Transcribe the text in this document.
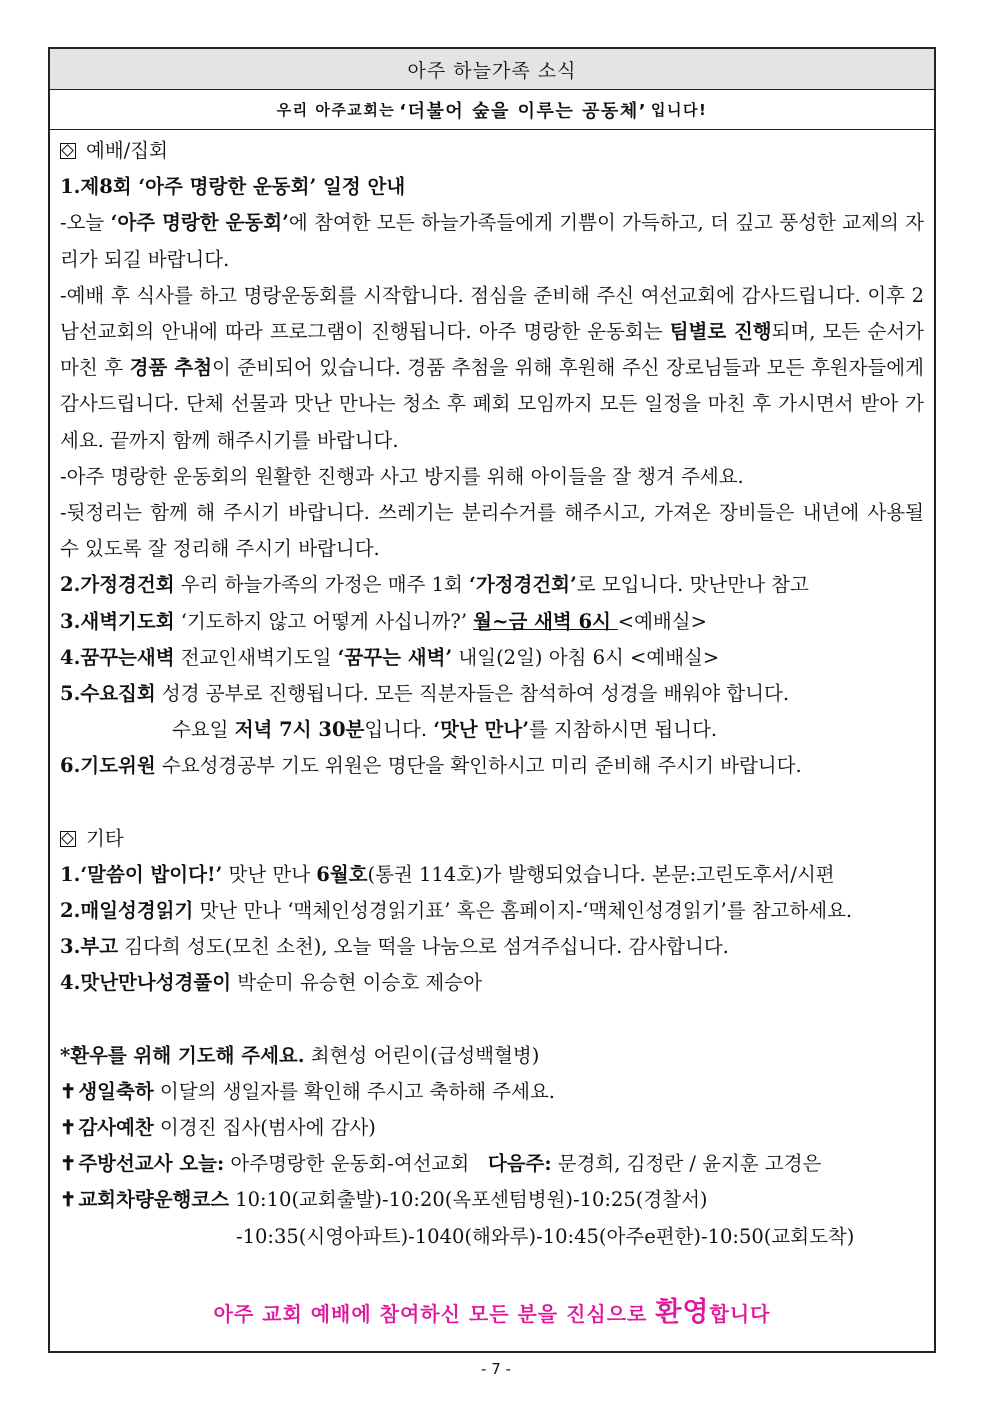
아주 하늘가족 소식
우리 아주교회는 ‘더불어 숲을 이루는 공동체’ 입니다!
예배/집회
1.제8회 ‘아주 명랑한 운동회’ 일정 안내
-오늘 ‘아주 명랑한 운동회’에 참여한 모든 하늘가족들에게 기쁨이 가득하고, 더 깊고 풍성한 교제의 자리가 되길 바랍니다.
-예배 후 식사를 하고 명랑운동회를 시작합니다. 점심을 준비해 주신 여선교회에 감사드립니다. 이후 2남선교회의 안내에 따라 프로그램이 진행됩니다. 아주 명랑한 운동회는 팀별로 진행되며, 모든 순서가 마친 후 경품 추첨이 준비되어 있습니다. 경품 추첨을 위해 후원해 주신 장로님들과 모든 후원자들에게 감사드립니다. 단체 선물과 맛난 만나는 청소 후 폐회 모임까지 모든 일정을 마친 후 가시면서 받아 가세요. 끝까지 함께 해주시기를 바랍니다.
-아주 명랑한 운동회의 원활한 진행과 사고 방지를 위해 아이들을 잘 챙겨 주세요.
-뒷정리는 함께 해 주시기 바랍니다. 쓰레기는 분리수거를 해주시고, 가져온 장비들은 내년에 사용될 수 있도록 잘 정리해 주시기 바랍니다.
2.가정경건회 우리 하늘가족의 가정은 매주 1회 ‘가정경건회’로 모입니다. 맛난만나 참고
3.새벽기도회 ‘기도하지 않고 어떻게 사십니까?’ 월~금 새벽 6시 <예배실>
4.꿈꾸는새벽 전교인새벽기도일 ‘꿈꾸는 새벽’ 내일(2일) 아침 6시 <예배실>
5.수요집회 성경 공부로 진행됩니다. 모든 직분자들은 참석하여 성경을 배워야 합니다.
수요일 저녁 7시 30분입니다. ‘맛난 만나’를 지참하시면 됩니다.
6.기도위원 수요성경공부 기도 위원은 명단을 확인하시고 미리 준비해 주시기 바랍니다.
기타
1.‘말씀이 밥이다!’ 맛난 만나 6월호(통권 114호)가 발행되었습니다. 본문:고린도후서/시편
2.매일성경읽기 맛난 만나 ‘맥체인성경읽기표’ 혹은 홈페이지-‘맥체인성경읽기’를 참고하세요.
3.부고 김다희 성도(모친 소천), 오늘 떡을 나눔으로 섬겨주십니다. 감사합니다.
4.맛난만나성경풀이 박순미 유승현 이승호 제승아
*환우를 위해 기도해 주세요. 최현성 어린이(급성백혈병)
✝ 생일축하 이달의 생일자를 확인해 주시고 축하해 주세요.
✝ 감사예찬 이경진 집사(범사에 감사)
✝ 주방선교사 오늘: 아주명랑한 운동회-여선교회   다음주: 문경희, 김정란 / 윤지훈 고경은
✝ 교회차량운행코스 10:10(교회출발)-10:20(옥포센텀병원)-10:25(경찰서)
-10:35(시영아파트)-1040(해와루)-10:45(아주e편한)-10:50(교회도착)
아주 교회 예배에 참여하신 모든 분을 진심으로 환영합니다
- 7 -
